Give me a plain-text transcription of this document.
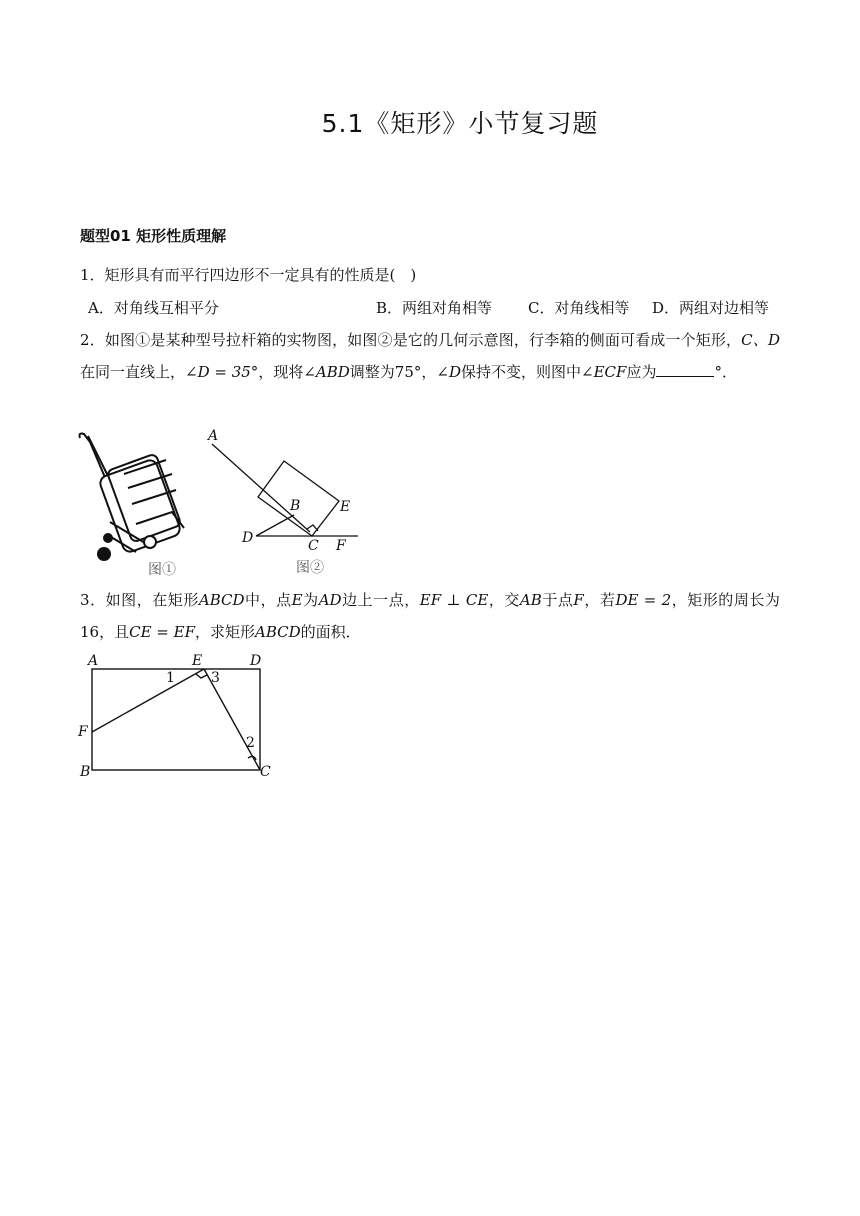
5.1《矩形》小节复习题
题型01 矩形性质理解
1．矩形具有而平行四边形不一定具有的性质是(　)
A．对角线互相平分	B．两组对角相等 C．对角线相等 D．两组对边相等
2．如图①是某种型号拉杆箱的实物图，如图②是它的几何示意图，行李箱的侧面可看成一个矩形，C、D在同一直线上，∠D = 35°，现将∠ABD调整为75°，∠D保持不变，则图中∠ECF应为	°．
图①
A
B	E
D	C F
图②
3．如图，在矩形ABCD中，点E为AD边上一点，EF ⊥ CE，交AB于点F，若DE = 2，矩形的周长为16，且CE = EF，求矩形ABCD的面积．
A	E	D
F
B	C
1
2
3
